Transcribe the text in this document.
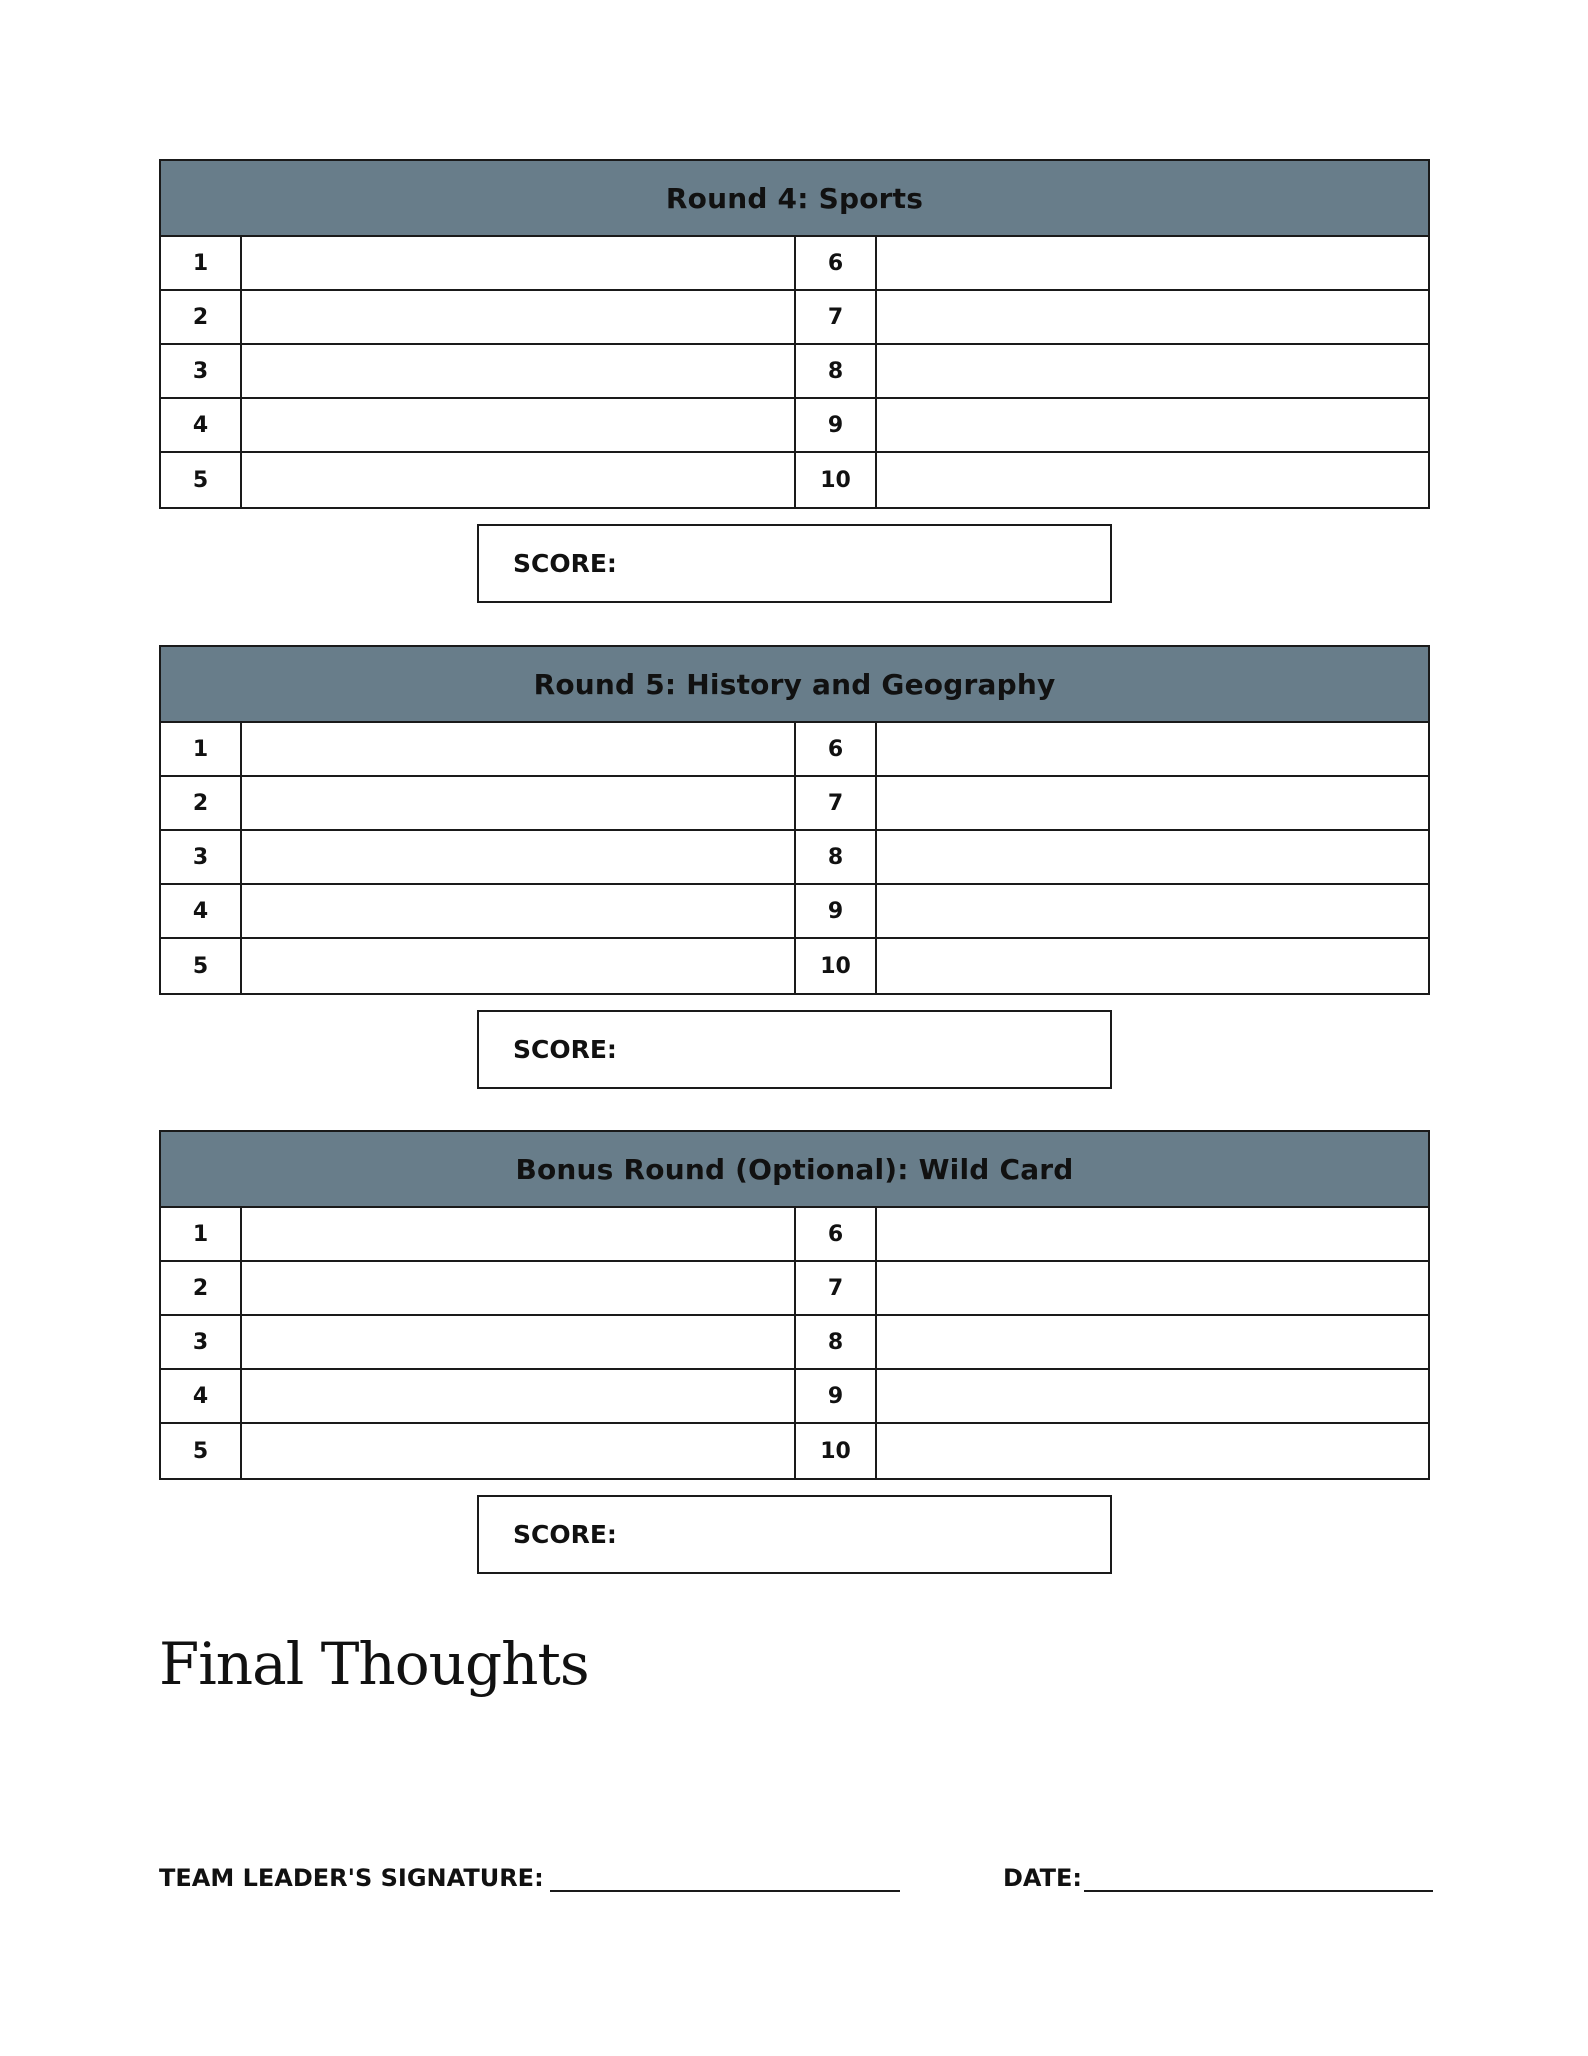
Round 4: Sports
1	6
2	7
3	8
4	9
5	10
SCORE:
Round 5: History and Geography
1	6
2	7
3	8
4	9
5	10
SCORE:
Bonus Round (Optional): Wild Card
1	6
2	7
3	8
4	9
5	10
SCORE:
Final Thoughts
TEAM LEADER'S SIGNATURE:	DATE:
